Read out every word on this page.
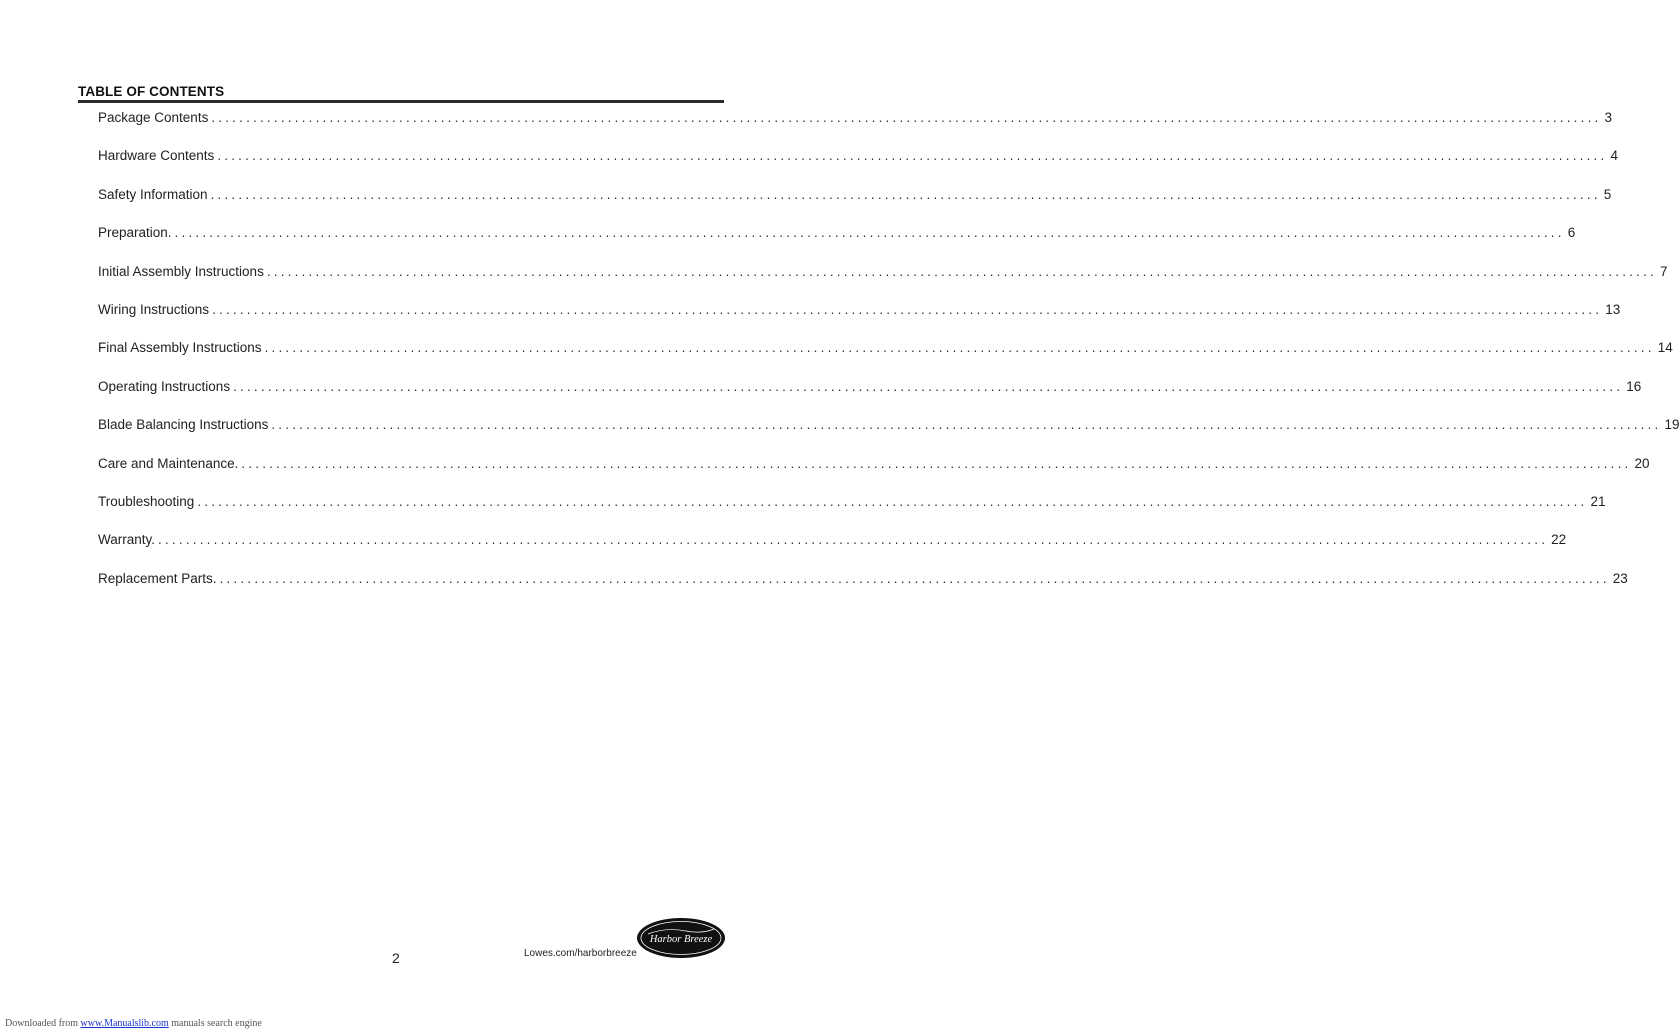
TABLE OF CONTENTS
Package Contents ........................................................................................................................................................................................................ 3
Hardware Contents ........................................................................................................................................................................................................ 4
Safety Information ........................................................................................................................................................................................................ 5
Preparation. ........................................................................................................................................................................................................ 6
Initial Assembly Instructions ........................................................................................................................................................................................................ 7
Wiring Instructions ........................................................................................................................................................................................................ 13
Final Assembly Instructions ........................................................................................................................................................................................................ 14
Operating Instructions ........................................................................................................................................................................................................ 16
Blade Balancing Instructions ........................................................................................................................................................................................................ 19
Care and Maintenance. ........................................................................................................................................................................................................ 20
Troubleshooting ........................................................................................................................................................................................................ 21
Warranty. ........................................................................................................................................................................................................ 22
Replacement Parts. ........................................................................................................................................................................................................ 23
2	Lowes.com/harborbreeze
Harbor Breeze
Downloaded from www.Manualslib.com manuals search engine
